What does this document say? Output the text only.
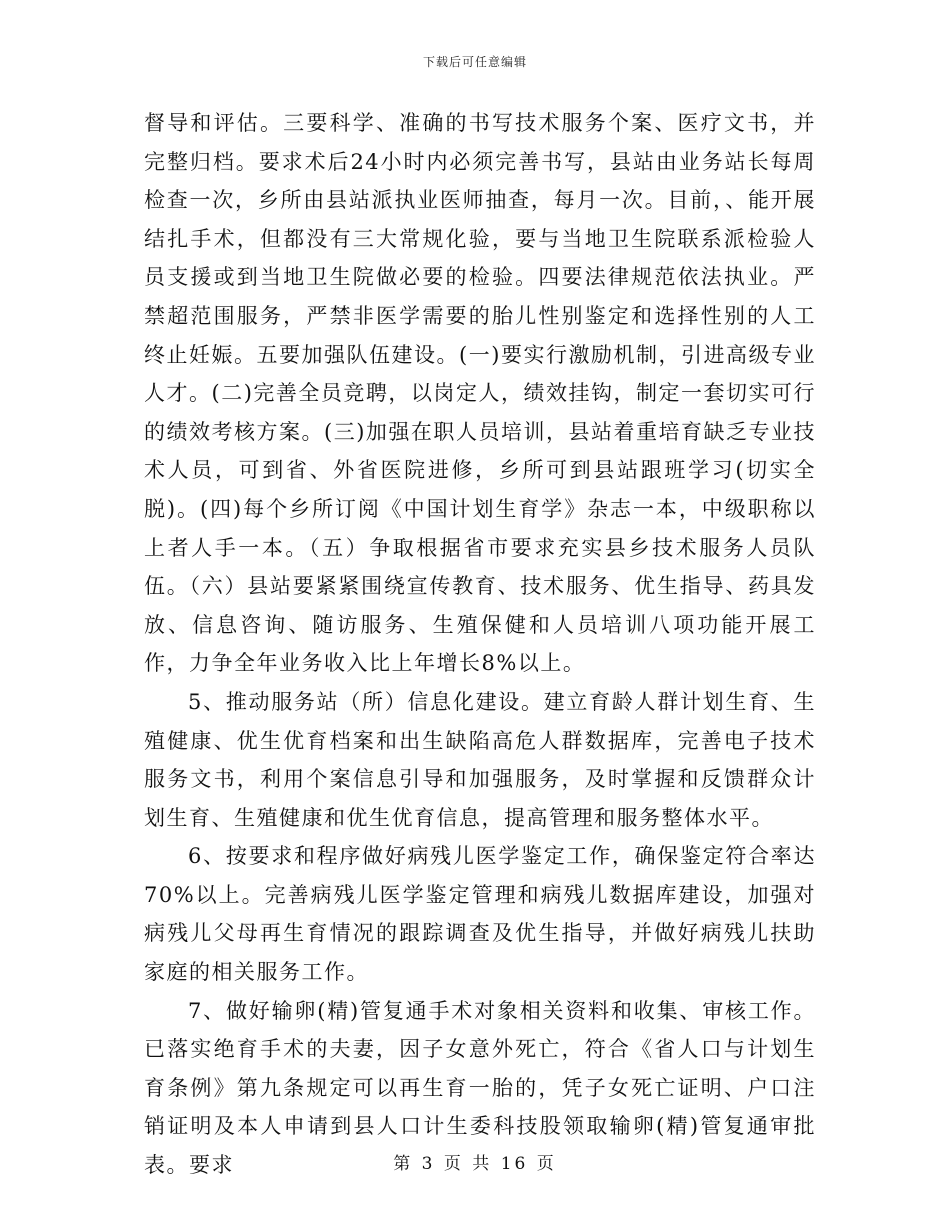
下载后可任意编辑

督导和评估。三要科学、准确的书写技术服务个案、医疗文书，并完整归档。要求术后24小时内必须完善书写，县站由业务站长每周检查一次，乡所由县站派执业医师抽查，每月一次。目前，、能开展结扎手术，但都没有三大常规化验，要与当地卫生院联系派检验人员支援或到当地卫生院做必要的检验。四要法律规范依法执业。严禁超范围服务，严禁非医学需要的胎儿性别鉴定和选择性别的人工终止妊娠。五要加强队伍建设。(一)要实行激励机制，引进高级专业人才。(二)完善全员竞聘，以岗定人，绩效挂钩，制定一套切实可行的绩效考核方案。(三)加强在职人员培训，县站着重培育缺乏专业技术人员，可到省、外省医院进修，乡所可到县站跟班学习(切实全脱)。(四)每个乡所订阅《中国计划生育学》杂志一本，中级职称以上者人手一本。（五）争取根据省市要求充实县乡技术服务人员队伍。（六）县站要紧紧围绕宣传教育、技术服务、优生指导、药具发放、信息咨询、随访服务、生殖保健和人员培训八项功能开展工作，力争全年业务收入比上年增长8%以上。

5、推动服务站（所）信息化建设。建立育龄人群计划生育、生殖健康、优生优育档案和出生缺陷高危人群数据库，完善电子技术服务文书，利用个案信息引导和加强服务，及时掌握和反馈群众计划生育、生殖健康和优生优育信息，提高管理和服务整体水平。

6、按要求和程序做好病残儿医学鉴定工作，确保鉴定符合率达70%以上。完善病残儿医学鉴定管理和病残儿数据库建设，加强对病残儿父母再生育情况的跟踪调查及优生指导，并做好病残儿扶助家庭的相关服务工作。

7、做好输卵(精)管复通手术对象相关资料和收集、审核工作。已落实绝育手术的夫妻，因子女意外死亡，符合《省人口与计划生育条例》第九条规定可以再生育一胎的，凭子女死亡证明、户口注销证明及本人申请到县人口计生委科技股领取输卵(精)管复通审批表。要求	第 3 页 共 16 页
